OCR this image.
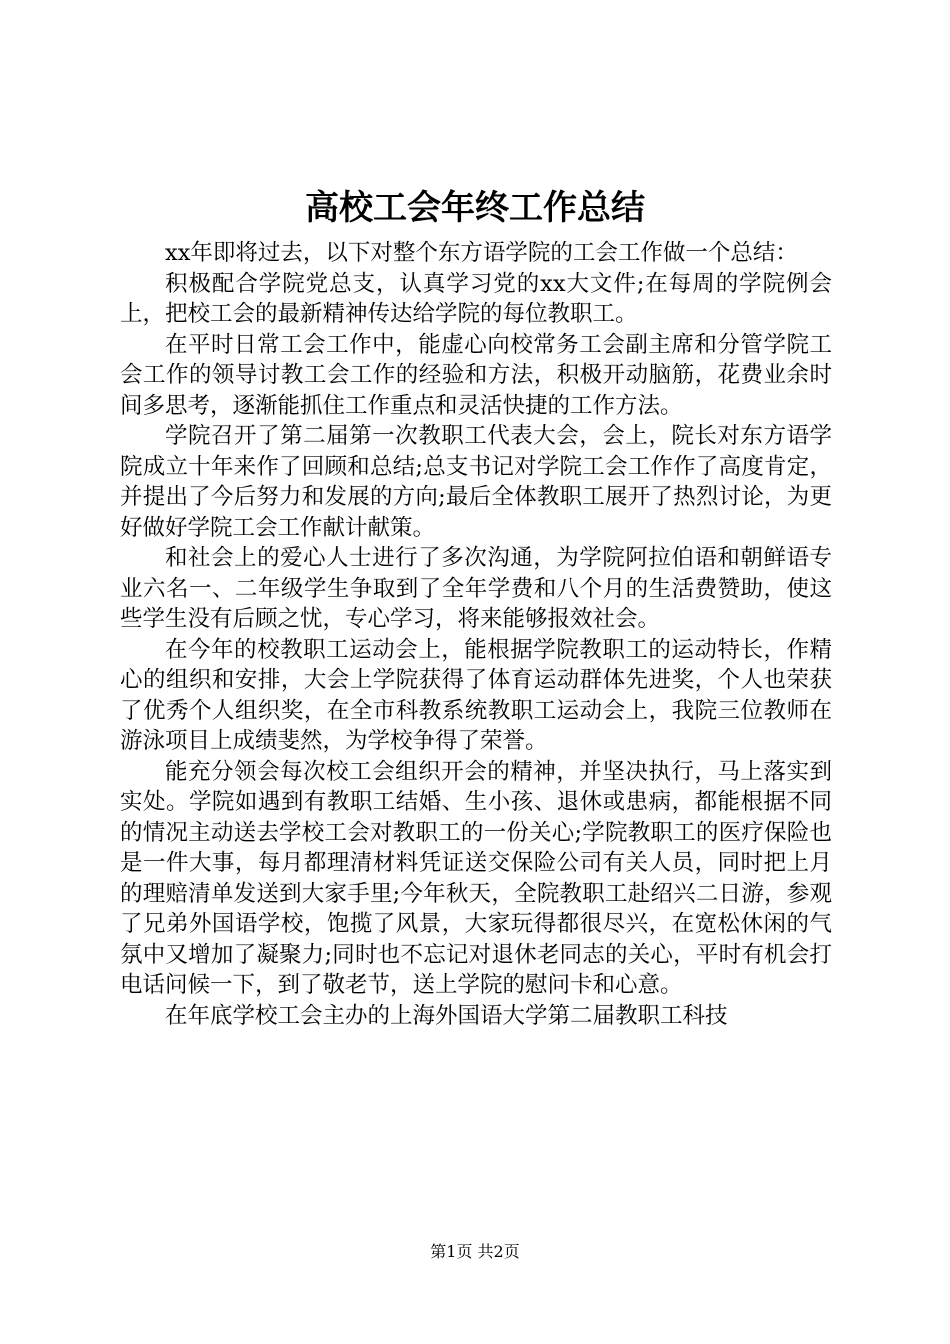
高校工会年终工作总结

xx年即将过去，以下对整个东方语学院的工会工作做一个总结：

积极配合学院党总支，认真学习党的xx大文件;在每周的学院例会上，把校工会的最新精神传达给学院的每位教职工。

在平时日常工会工作中，能虚心向校常务工会副主席和分管学院工会工作的领导讨教工会工作的经验和方法，积极开动脑筋，花费业余时间多思考，逐渐能抓住工作重点和灵活快捷的工作方法。

学院召开了第二届第一次教职工代表大会，会上，院长对东方语学院成立十年来作了回顾和总结;总支书记对学院工会工作作了高度肯定，并提出了今后努力和发展的方向;最后全体教职工展开了热烈讨论，为更好做好学院工会工作献计献策。

和社会上的爱心人士进行了多次沟通，为学院阿拉伯语和朝鲜语专业六名一、二年级学生争取到了全年学费和八个月的生活费赞助，使这些学生没有后顾之忧，专心学习，将来能够报效社会。

在今年的校教职工运动会上，能根据学院教职工的运动特长，作精心的组织和安排，大会上学院获得了体育运动群体先进奖，个人也荣获了优秀个人组织奖，在全市科教系统教职工运动会上，我院三位教师在游泳项目上成绩斐然，为学校争得了荣誉。

能充分领会每次校工会组织开会的精神，并坚决执行，马上落实到实处。学院如遇到有教职工结婚、生小孩、退休或患病，都能根据不同的情况主动送去学校工会对教职工的一份关心;学院教职工的医疗保险也是一件大事，每月都理清材料凭证送交保险公司有关人员，同时把上月的理赔清单发送到大家手里;今年秋天，全院教职工赴绍兴二日游，参观了兄弟外国语学校，饱揽了风景，大家玩得都很尽兴，在宽松休闲的气氛中又增加了凝聚力;同时也不忘记对退休老同志的关心，平时有机会打电话问候一下，到了敬老节，送上学院的慰问卡和心意。

在年底学校工会主办的上海外国语大学第二届教职工科技

第1页 共2页
